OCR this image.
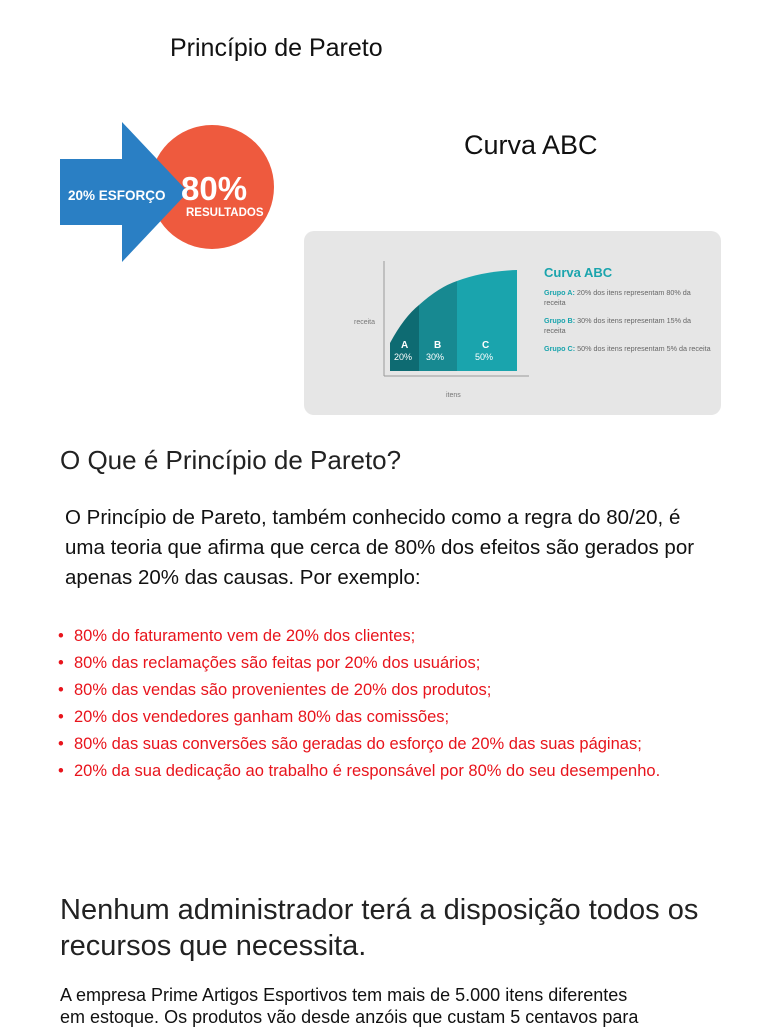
Princípio de Pareto
20% ESFORÇO 80%
RESULTADOS
Curva ABC
receita
itens
A
20%
B
30%
C
50%
Curva ABC
Grupo A: 20% dos itens representam 80% da receita
Grupo B: 30% dos itens representam 15% da receita
Grupo C: 50% dos itens representam 5% da receita
O Que é Princípio de Pareto?
O Princípio de Pareto, também conhecido como a regra do 80/20, é uma teoria que afirma que cerca de 80% dos efeitos são gerados por apenas 20% das causas. Por exemplo:
• 80% do faturamento vem de 20% dos clientes;
• 80% das reclamações são feitas por 20% dos usuários;
• 80% das vendas são provenientes de 20% dos produtos;
• 20% dos vendedores ganham 80% das comissões;
• 80% das suas conversões são geradas do esforço de 20% das suas páginas;
• 20% da sua dedicação ao trabalho é responsável por 80% do seu desempenho.
Nenhum administrador terá a disposição todos os recursos que necessita.
A empresa Prime Artigos Esportivos tem mais de 5.000 itens diferentes
em estoque. Os produtos vão desde anzóis que custam 5 centavos para
